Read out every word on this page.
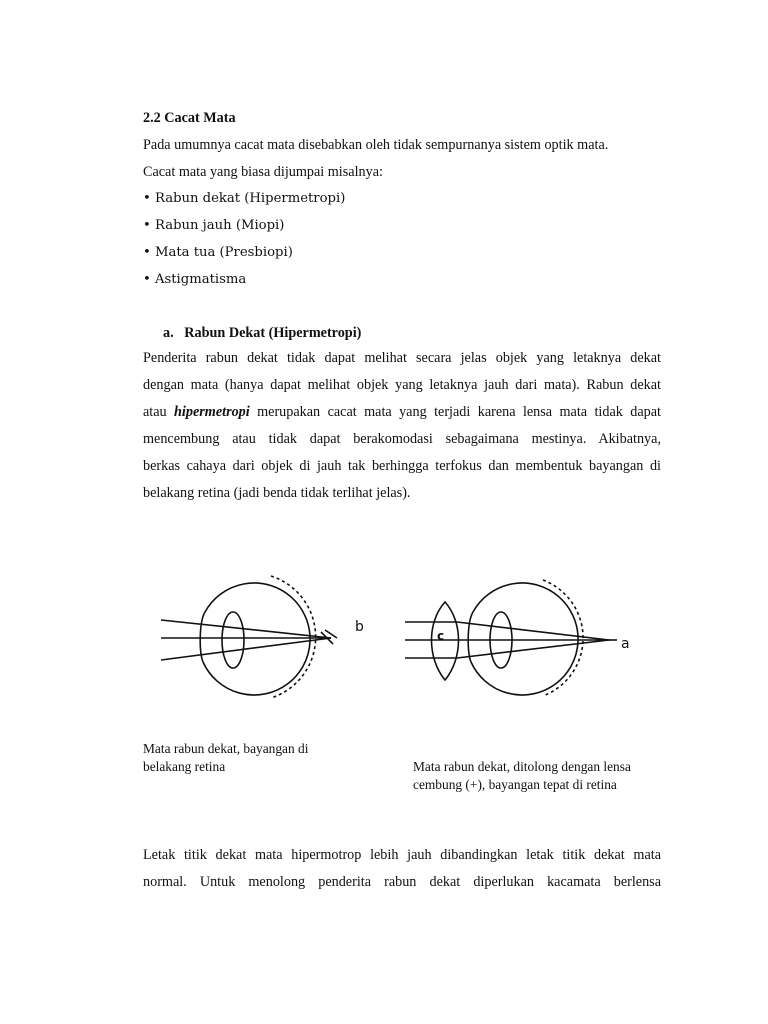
2.2 Cacat Mata
Pada umumnya cacat mata disebabkan oleh tidak sempurnanya sistem optik mata.
Cacat mata yang biasa dijumpai misalnya:
• Rabun dekat (Hipermetropi)
• Rabun jauh (Miopi)
• Mata tua (Presbiopi)
• Astigmatisma
a.   Rabun Dekat (Hipermetropi)
Penderita rabun dekat tidak dapat melihat secara jelas objek yang letaknya dekat
dengan mata (hanya dapat melihat objek yang letaknya jauh dari mata). Rabun dekat
atau hipermetropi merupakan cacat mata yang terjadi karena lensa mata tidak dapat
mencembung atau tidak dapat berakomodasi sebagaimana mestinya. Akibatnya,
berkas cahaya dari objek di jauh tak berhingga terfokus dan membentuk bayangan di
belakang retina (jadi benda tidak terlihat jelas).
b
c	a
Mata rabun dekat, bayangan di
belakang retina	Mata rabun dekat, ditolong dengan lensa
cembung (+), bayangan tepat di retina
Letak titik dekat mata hipermotrop lebih jauh dibandingkan letak titik dekat mata
normal. Untuk menolong penderita rabun dekat diperlukan kacamata berlensa
